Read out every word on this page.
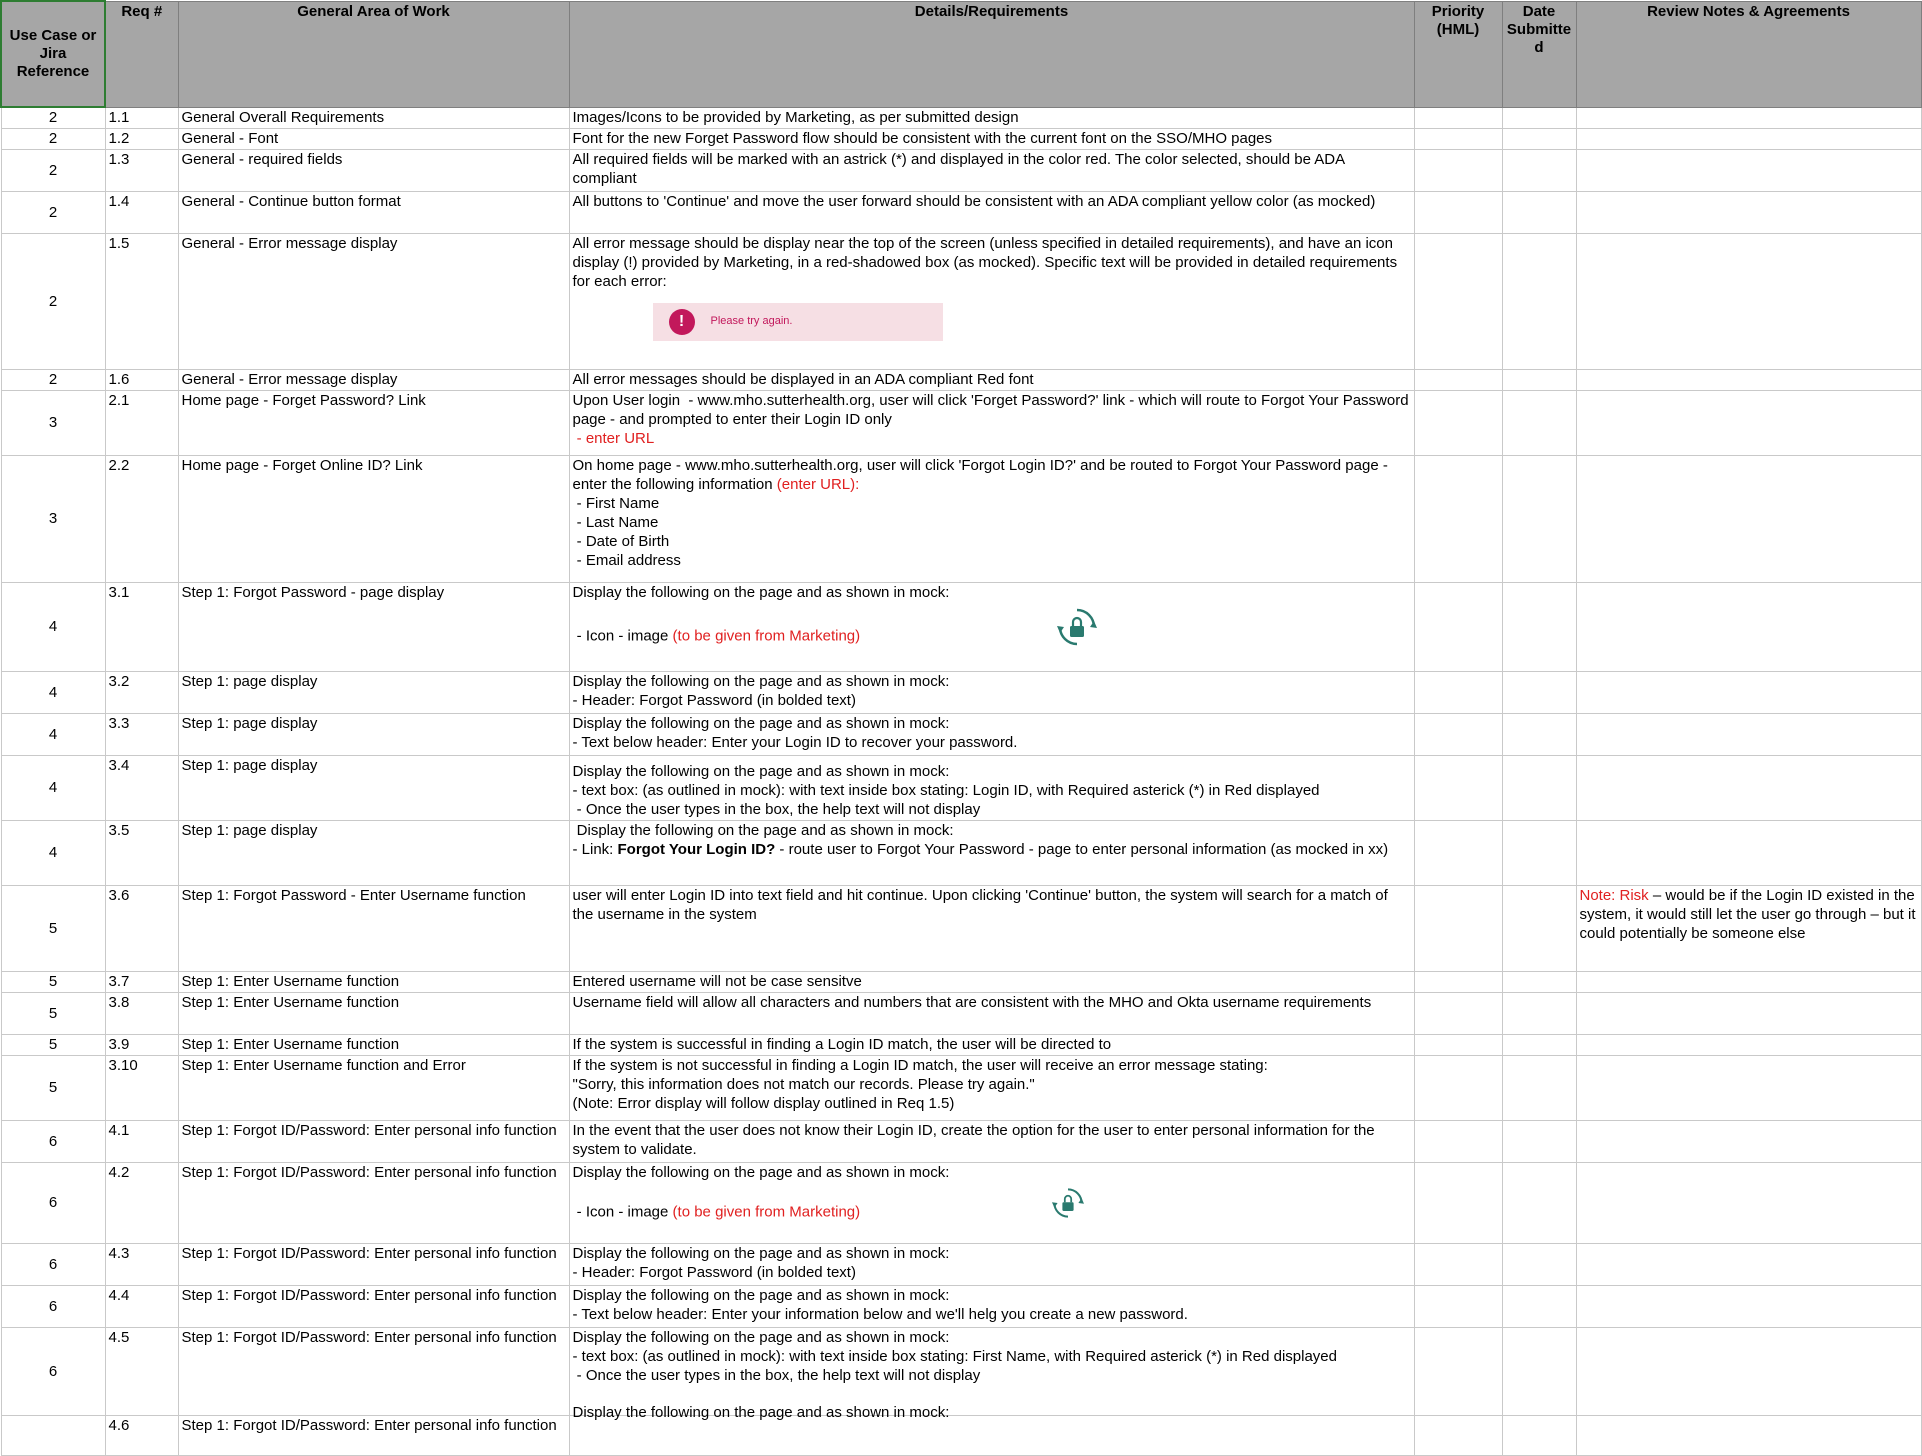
Use Case or Jira Reference	Req #	General Area of Work	Details/Requirements	Priority (HML)	Date Submitte d	Review Notes & Agreements
2	1.1	General Overall Requirements	Images/Icons to be provided by Marketing, as per submitted design			

2	1.2	General - Font	Font for the new Forget Password flow should be consistent with the current font on the SSO/MHO pages			

2	1.3	General - required fields	All required fields will be marked with an astrick (*) and displayed in the color red. The color selected, should be ADA compliant			

2	1.4	General - Continue button format	All buttons to 'Continue' and move the user forward should be consistent with an ADA compliant yellow color (as mocked)			

2	1.5	General - Error message display	All error message should be display near the top of the screen (unless specified in detailed requirements), and have an icon display (!) provided by Marketing, in a red-shadowed box (as mocked). Specific text will be provided in detailed requirements for each error:
! Please try again.			

2	1.6	General - Error message display	All error messages should be displayed in an ADA compliant Red font			

3	2.1	Home page - Forget Password? Link	Upon User login  - www.mho.sutterhealth.org, user will click 'Forget Password?' link - which will route to Forgot Your Password page - and prompted to enter their Login ID only
- enter URL			

3	2.2	Home page - Forget Online ID? Link	On home page - www.mho.sutterhealth.org, user will click 'Forgot Login ID?' and be routed to Forgot Your Password page - enter the following information (enter URL):
- First Name
- Last Name
- Date of Birth
- Email address			

4	3.1	Step 1: Forgot Password - page display	Display the following on the page and as shown in mock:
- Icon - image (to be given from Marketing)			

4	3.2	Step 1: page display	Display the following on the page and as shown in mock:
- Header: Forgot Password (in bolded text)			

4	3.3	Step 1: page display	Display the following on the page and as shown in mock:
- Text below header: Enter your Login ID to recover your password.			

4	3.4	Step 1: page display	Display the following on the page and as shown in mock:
- text box: (as outlined in mock): with text inside box stating: Login ID, with Required asterick (*) in Red displayed
- Once the user types in the box, the help text will not display			

4	3.5	Step 1: page display	Display the following on the page and as shown in mock:
- Link: Forgot Your Login ID? - route user to Forgot Your Password - page to enter personal information (as mocked in xx)			

5	3.6	Step 1: Forgot Password - Enter Username function	user will enter Login ID into text field and hit continue. Upon clicking 'Continue' button, the system will search for a match of the username in the system			Note: Risk – would be if the Login ID existed in the system, it would still let the user go through – but it could potentially be someone else
5	3.7	Step 1: Enter Username function	Entered username will not be case sensitve			

5	3.8	Step 1: Enter Username function	Username field will allow all characters and numbers that are consistent with the MHO and Okta username requirements			

5	3.9	Step 1: Enter Username function	If the system is successful in finding a Login ID match, the user will be directed to			

5	3.10	Step 1: Enter Username function and Error	If the system is not successful in finding a Login ID match, the user will receive an error message stating:
"Sorry, this information does not match our records. Please try again."
(Note: Error display will follow display outlined in Req 1.5)			

6	4.1	Step 1: Forgot ID/Password: Enter personal info function	In the event that the user does not know their Login ID, create the option for the user to enter personal information for the system to validate.			

6	4.2	Step 1: Forgot ID/Password: Enter personal info function	Display the following on the page and as shown in mock:
- Icon - image (to be given from Marketing)			

6	4.3	Step 1: Forgot ID/Password: Enter personal info function	Display the following on the page and as shown in mock:
- Header: Forgot Password (in bolded text)			

6	4.4	Step 1: Forgot ID/Password: Enter personal info function	Display the following on the page and as shown in mock:
- Text below header: Enter your information below and we'll helg you create a new password.			

6	4.5	Step 1: Forgot ID/Password: Enter personal info function	Display the following on the page and as shown in mock:
- text box: (as outlined in mock): with text inside box stating: First Name, with Required asterick (*) in Red displayed
- Once the user types in the box, the help text will not display			

	4.6	Step 1: Forgot ID/Password: Enter personal info function	Display the following on the page and as shown in mock:			
